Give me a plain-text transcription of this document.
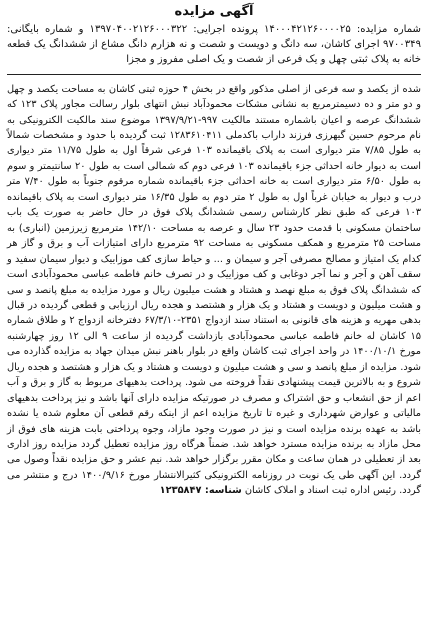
آگهی مزایده

شماره مزایده: ۱۴۰۰۰۴۲۱۲۶۰۰۰۰۲۵ پرونده اجرایی: ۱۳۹۷۰۴۰۰۲۱۲۶۰۰۰۳۲۲ و شماره بایگانی: ۹۷۰۰۳۴۹ اجرای کاشان، سه دانگ و دویست و شصت و نه هزارم دانگ مشاع از ششدانگ یک قطعه خانه به پلاک ثبتی چهل و یک فرعی از شصت و یک اصلی مفروز و مجزا

شده از یکصد و سه فرعی از اصلی مذکور واقع در بخش ۴ حوزه ثبتی کاشان به مساحت یکصد و چهل و دو متر و ده دسیمترمربع به نشانی مشکات محمودآباد نبش انتهای بلوار رسالت مجاور پلاک ۱۲۳ که ششدانگ عرصه و اعیان باشماره مستند مالکیت ۹۹۷-۱۳۹۷/۹/۲۱ موضوع سند مالکیت الکترونیکی به نام مرحوم حسین گیهرزی فرزند داراب باکدملی ۱۲۸۳۶۱۰۴۱۱ ثبت گردیده با حدود و مشخصات شمالاً به طول ۷/۸۵ متر دیواری است به پلاک باقیمانده ۱۰۳ فرعی شرقاً اول به طول ۱۱/۷۵ متر دیواری است به دیوار خانه احداثی جزء باقیمانده ۱۰۳ فرعی دوم که شمالی است به طول ۲۰ سانتیمتر و سوم به طول ۶/۵۰ متر دیواری است به خانه احداثی جزء باقیمانده شماره مرقوم جنوباً به طول ۷/۴۰ متر درب و دیوار به خیابان غرباً اول به طول ۲ متر دوم به طول ۱۶/۳۵ متر دیواری است به پلاک باقیمانده ۱۰۳ فرعی که طبق نظر کارشناس رسمی ششدانگ پلاک فوق در حال حاضر به صورت یک باب ساختمان مسکونی با قدمت حدود ۲۳ سال و عرصه به مساحت ۱۴۲/۱۰ مترمربع زیرزمین (انباری) به مساحت ۲۵ مترمربع و همکف مسکونی به مساحت ۹۲ مترمربع دارای امتیازات آب و برق و گاز هر کدام یک امتیاز و مصالح مصرفی آجر و سیمان و ... و حیاط سازی کف موزاییک و دیوار سیمان سفید و سقف آهن و آجر و نما آجر دوغابی و کف موزاییک و در تصرف خانم فاطمه عباسی محمودآبادی است که ششدانگ پلاک فوق به مبلغ نهصد و هشتاد و هشت میلیون ریال و مورد مزایده به مبلغ پانصد و سی و هشت میلیون و دویست و هشتاد و یک هزار و هشتصد و هجده ریال ارزیابی و قطعی گردیده در قبال بدهی مهریه و هزینه های قانونی به استناد سند ازدواج ۲۳۵۱-۶۷/۳/۱۰ دفترخانه ازدواج ۲ و طلاق شماره ۱۵ کاشان له خانم فاطمه عباسی محمودآبادی بازداشت گردیده از ساعت ۹ الی ۱۲ روز چهارشنبه مورخ ۱۴۰۰/۱۰/۱ در واحد اجرای ثبت کاشان واقع در بلوار باهنر نبش میدان جهاد به مزایده گذارده می شود. مزایده از مبلغ پانصد و سی و هشت میلیون و دویست و هشتاد و یک هزار و هشتصد و هجده ریال شروع و به بالاترین قیمت پیشنهادی نقداً فروخته می شود. پرداخت بدهیهای مربوط به گاز و برق و آب اعم از حق انشعاب و حق اشتراک و مصرف در صورتیکه مزایده دارای آنها باشد و نیز پرداخت بدهیهای مالیاتی و عوارض شهرداری و غیره تا تاریخ مزایده اعم از اینکه رقم قطعی آن معلوم شده یا نشده باشد به عهده برنده مزایده است و نیز در صورت وجود مازاد، وجوه پرداختی بابت هزینه های فوق از محل مازاد به برنده مزایده مسترد خواهد شد. ضمناً هرگاه روز مزایده تعطیل گردد مزایده روز اداری بعد از تعطیلی در همان ساعت و مکان مقرر برگزار خواهد شد. نیم عشر و حق مزایده نقداً وصول می گردد. این آگهی طی یک نوبت در روزنامه الکترونیکی کثیرالانتشار مورخ ۱۴۰۰/۹/۱۶ درج و منتشر می گردد. رئیس اداره ثبت اسناد و املاک کاشان شناسه: ۱۲۳۵۸۴۷
